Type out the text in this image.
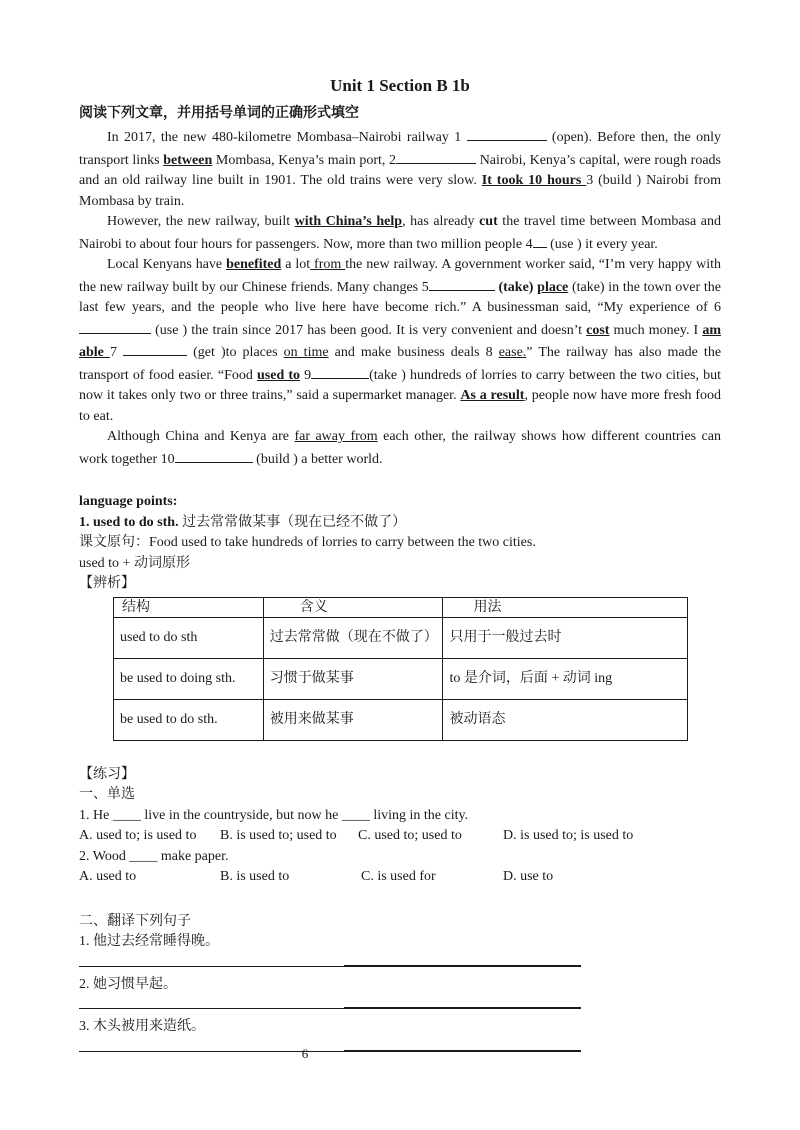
Unit 1 Section B 1b
阅读下列文章，并用括号单词的正确形式填空

In 2017, the new 480-kilometre Mombasa–Nairobi railway 1	(open). Before then, the only transport links between Mombasa, Kenya’s main port, 2	Nairobi, Kenya’s capital, were rough roads and an old railway line built in 1901. The old trains were very slow. It took 10 hours 3 (build ) Nairobi from Mombasa by train.

However, the new railway, built with China’s help, has already cut the travel time between Mombasa and Nairobi to about four hours for passengers. Now, more than two million people 4 (use ) it every year.

Local Kenyans have benefited a lot from the new railway. A government worker said, “I’m very happy with the new railway built by our Chinese friends. Many changes 5	(take) place (take) in the town over the last few years, and the people who live here have become rich.” A businessman said, “My experience of 6 (use ) the train since 2017 has been good. It is very convenient and doesn’t cost much money. I am able 7	(get )to places on time and make business deals 8 ease.” The railway has also made the transport of food easier. “Food used to 9	(take ) hundreds of lorries to carry between the two cities, but now it takes only two or three trains,” said a supermarket manager. As a result, people now have more fresh food to eat.

Although China and Kenya are far away from each other, the railway shows how different countries can work together 10	(build ) a better world.

language points:

1. used to do sth. 过去常常做某事（现在已经不做了）

课文原句：Food used to take hundreds of lorries to carry between the two cities.

used to + 动词原形

【辨析】

结构	含义	用法
used to do sth	过去常常做（现在不做了）	只用于一般过去时
be used to doing sth.	习惯于做某事	to 是介词，后面 + 动词 ing
be used to do sth.	被用来做某事	被动语态

【练习】

一、单选

1. He ____ live in the countryside, but now he ____ living in the city.

A. used to; is used to	B. is used to; used to	C. used to; used to	D. is used to; is used to

2. Wood ____ make paper.

A. used to	B. is used to	C. is used for	D. use to

二、翻译下列句子

1. 他过去经常睡得晚。

2. 她习惯早起。

3. 木头被用来造纸。

6
